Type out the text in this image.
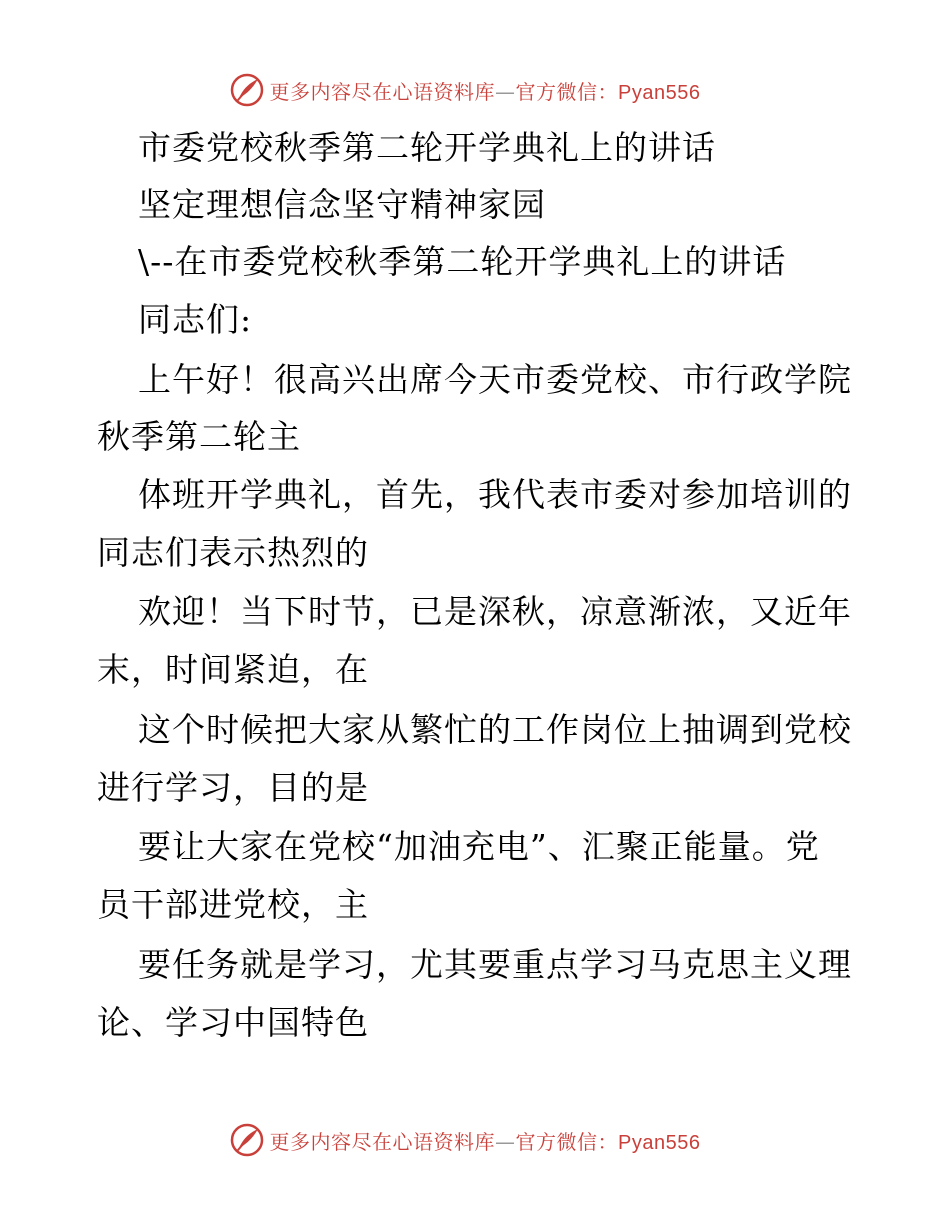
更多内容尽在心语资料库—官方微信：Pyan556
市委党校秋季第二轮开学典礼上的讲话
坚定理想信念坚守精神家园
\--在市委党校秋季第二轮开学典礼上的讲话
同志们:
上午好！很高兴出席今天市委党校、市行政学院
秋季第二轮主
体班开学典礼，首先，我代表市委对参加培训的
同志们表示热烈的
欢迎！当下时节，已是深秋，凉意渐浓，又近年
末，时间紧迫，在
这个时候把大家从繁忙的工作岗位上抽调到党校
进行学习，目的是
要让大家在党校“加油充电”、汇聚正能量。党
员干部进党校，主
要任务就是学习，尤其要重点学习马克思主义理
论、学习中国特色
更多内容尽在心语资料库—官方微信：Pyan556
